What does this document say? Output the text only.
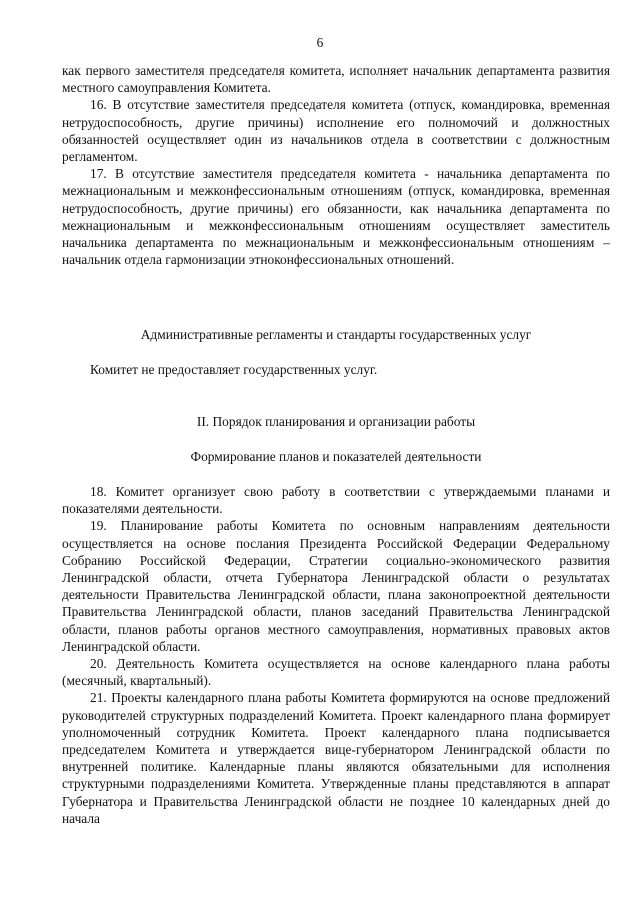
6

как первого заместителя председателя комитета, исполняет начальник департамента развития местного самоуправления Комитета.

16. В отсутствие заместителя председателя комитета (отпуск, командировка, временная нетрудоспособность, другие причины) исполнение его полномочий и должностных обязанностей осуществляет один из начальников отдела в соответствии с должностным регламентом.

17. В отсутствие заместителя председателя комитета - начальника департамента по межнациональным и межконфессиональным отношениям (отпуск, командировка, временная нетрудоспособность, другие причины) его обязанности, как начальника департамента по межнациональным и межконфессиональным отношениям осуществляет заместитель начальника департамента по межнациональным и межконфессиональным отношениям – начальник отдела гармонизации этноконфессиональных отношений.

Административные регламенты и стандарты государственных услуг

Комитет не предоставляет государственных услуг.

II. Порядок планирования и организации работы
Формирование планов и показателей деятельности

18. Комитет организует свою работу в соответствии с утверждаемыми планами и показателями деятельности.

19. Планирование работы Комитета по основным направлениям деятельности осуществляется на основе послания Президента Российской Федерации Федеральному Собранию Российской Федерации, Стратегии социально-экономического развития Ленинградской области, отчета Губернатора Ленинградской области о результатах деятельности Правительства Ленинградской области, плана законопроектной деятельности Правительства Ленинградской области, планов заседаний Правительства Ленинградской области, планов работы органов местного самоуправления, нормативных правовых актов Ленинградской области.

20. Деятельность Комитета осуществляется на основе календарного плана работы (месячный, квартальный).

21. Проекты календарного плана работы Комитета формируются на основе предложений руководителей структурных подразделений Комитета. Проект календарного плана формирует уполномоченный сотрудник Комитета. Проект календарного плана подписывается председателем Комитета и утверждается вице-губернатором Ленинградской области по внутренней политике. Календарные планы являются обязательными для исполнения структурными подразделениями Комитета. Утвержденные планы представляются в аппарат Губернатора и Правительства Ленинградской области не позднее 10 календарных дней до начала
